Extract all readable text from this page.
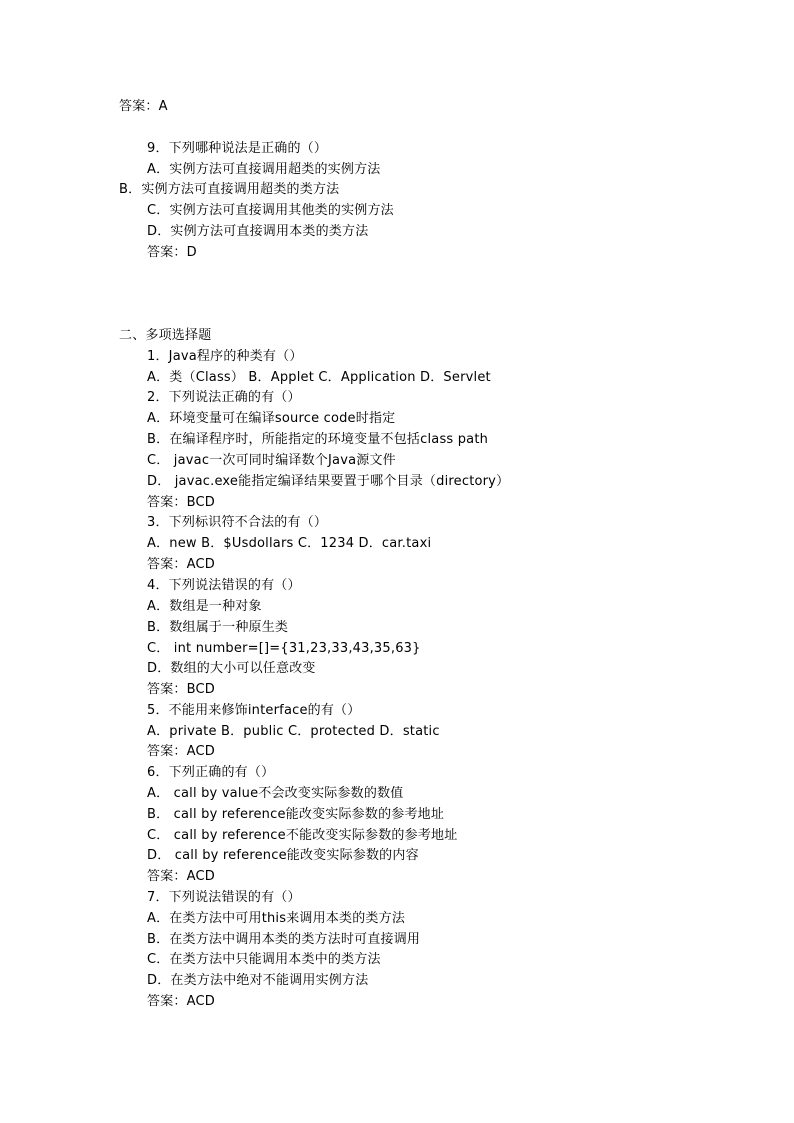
答案：A
9．下列哪种说法是正确的（）
A．实例方法可直接调用超类的实例方法
B．实例方法可直接调用超类的类方法
C．实例方法可直接调用其他类的实例方法
D．实例方法可直接调用本类的类方法
答案：D
二、多项选择题
1．Java程序的种类有（）
A．类（Class） B．Applet C．Application D．Servlet
2．下列说法正确的有（）
A．环境变量可在编译source code时指定
B．在编译程序时，所能指定的环境变量不包括class path
C． javac一次可同时编译数个Java源文件
D． javac.exe能指定编译结果要置于哪个目录（directory）
答案：BCD
3．下列标识符不合法的有（）
A．new B．$Usdollars C．1234 D．car.taxi
答案：ACD
4．下列说法错误的有（）
A．数组是一种对象
B．数组属于一种原生类
C． int number=[]={31,23,33,43,35,63}
D．数组的大小可以任意改变
答案：BCD
5．不能用来修饰interface的有（）
A．private B．public C．protected D．static
答案：ACD
6．下列正确的有（）
A． call by value不会改变实际参数的数值
B． call by reference能改变实际参数的参考地址
C． call by reference不能改变实际参数的参考地址
D． call by reference能改变实际参数的内容
答案：ACD
7．下列说法错误的有（）
A．在类方法中可用this来调用本类的类方法
B．在类方法中调用本类的类方法时可直接调用
C．在类方法中只能调用本类中的类方法
D．在类方法中绝对不能调用实例方法
答案：ACD
